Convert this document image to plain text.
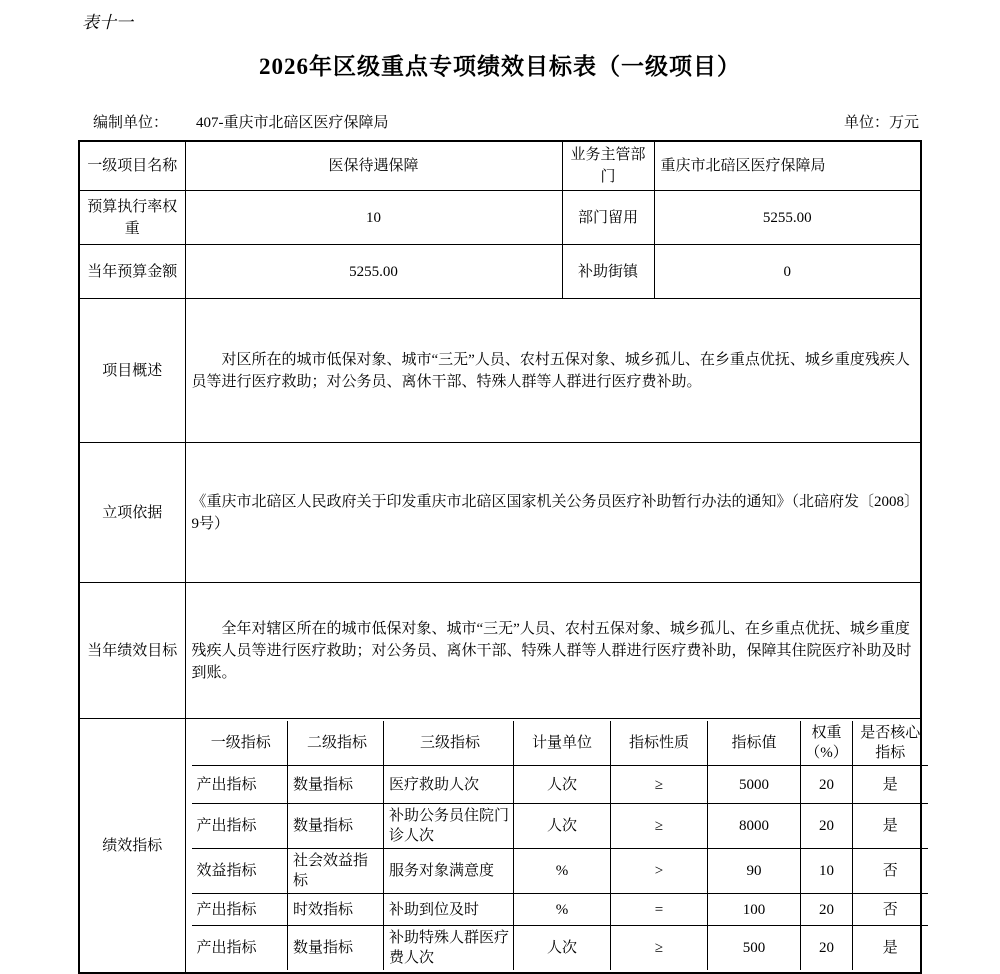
表十一
2026年区级重点专项绩效目标表（一级项目）
编制单位： 407-重庆市北碚区医疗保障局	单位：万元
一级项目名称	医保待遇保障	业务主管部门	重庆市北碚区医疗保障局
预算执行率权重	10	部门留用	5255.00
当年预算金额	5255.00	补助街镇	0
项目概述	
对区所在的城市低保对象、城市“三无”人员、农村五保对象、城乡孤儿、在乡重点优抚、城乡重度残疾人员等进行医疗救助；对公务员、离休干部、特殊人群等人群进行医疗费补助。

立项依据	《重庆市北碚区人民政府关于印发重庆市北碚区国家机关公务员医疗补助暂行办法的通知》（北碚府发〔2008〕9号）
当年绩效目标	
全年对辖区所在的城市低保对象、城市“三无”人员、农村五保对象、城乡孤儿、在乡重点优抚、城乡重度残疾人员等进行医疗救助；对公务员、离休干部、特殊人群等人群进行医疗费补助，保障其住院医疗补助及时到账。

绩效指标	
一级指标	二级指标	三级指标	计量单位	指标性质	指标值	权重（%）	是否核心指标
产出指标	数量指标	医疗救助人次	人次	≥	5000	20	是
产出指标	数量指标	补助公务员住院门诊人次	人次	≥	8000	20	是
效益指标	社会效益指标	服务对象满意度	%	>	90	10	否
产出指标	时效指标	补助到位及时	%	=	100	20	否
产出指标	数量指标	补助特殊人群医疗费人次	人次	≥	500	20	是
